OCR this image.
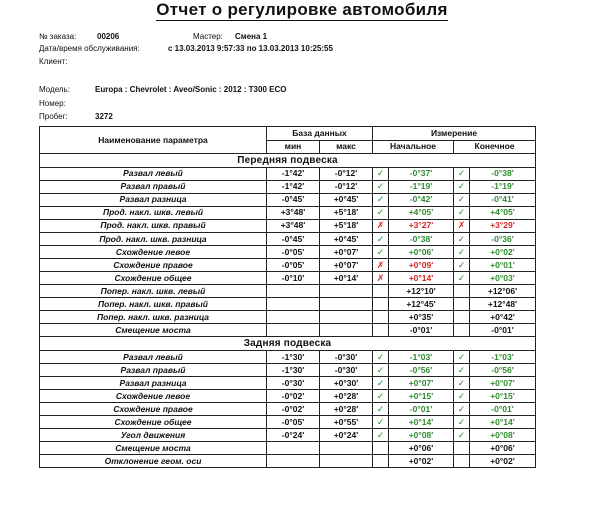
Отчет о регулировке автомобиля
№ заказа:	00206	Мастер: Смена 1
Дата/время обслуживания:	с 13.03.2013 9:57:33 по 13.03.2013 10:25:55
Клиент:
Модель:	Europa : Chevrolet : Aveo/Sonic : 2012 : T300 ECO
Номер:
Пробег:	3272
Наименование параметра	База данных		Измерение			
	мин	макс	Начальное		Конечное	
Передняя подвеска						
Развал левый	-1°42'	-0°12'	✓	-0°37'	✓	-0°38'
Развал правый	-1°42'	-0°12'	✓	-1°19'	✓	-1°19'
Развал разница	-0°45'	+0°45'	✓	-0°42'	✓	-0°41'
Прод. накл. шкв. левый	+3°48'	+5°18'	✓	+4°05'	✓	+4°05'
Прод. накл. шкв. правый	+3°48'	+5°18'	✗	+3°27'	✗	+3°29'
Прод. накл. шкв. разница	-0°45'	+0°45'	✓	-0°38'	✓	-0°36'
Схождение левое	-0°05'	+0°07'	✓	+0°06'	✓	+0°02'
Схождение правое	-0°05'	+0°07'	✗	+0°09'	✓	+0°01'
Схождение общее	-0°10'	+0°14'	✗	+0°14'	✓	+0°03'
Попер. накл. шкв. левый				+12°10'		+12°06'
Попер. накл. шкв. правый				+12°45'		+12°48'
Попер. накл. шкв. разница				+0°35'		+0°42'
Смещение моста				-0°01'		-0°01'
Задняя подвеска						
Развал левый	-1°30'	-0°30'	✓	-1°03'	✓	-1°03'
Развал правый	-1°30'	-0°30'	✓	-0°56'	✓	-0°56'
Развал разница	-0°30'	+0°30'	✓	+0°07'	✓	+0°07'
Схождение левое	-0°02'	+0°28'	✓	+0°15'	✓	+0°15'
Схождение правое	-0°02'	+0°28'	✓	-0°01'	✓	-0°01'
Схождение общее	-0°05'	+0°55'	✓	+0°14'	✓	+0°14'
Угол движения	-0°24'	+0°24'	✓	+0°08'	✓	+0°08'
Смещение моста				+0°06'		+0°06'
Отклонение геом. оси				+0°02'		+0°02'
